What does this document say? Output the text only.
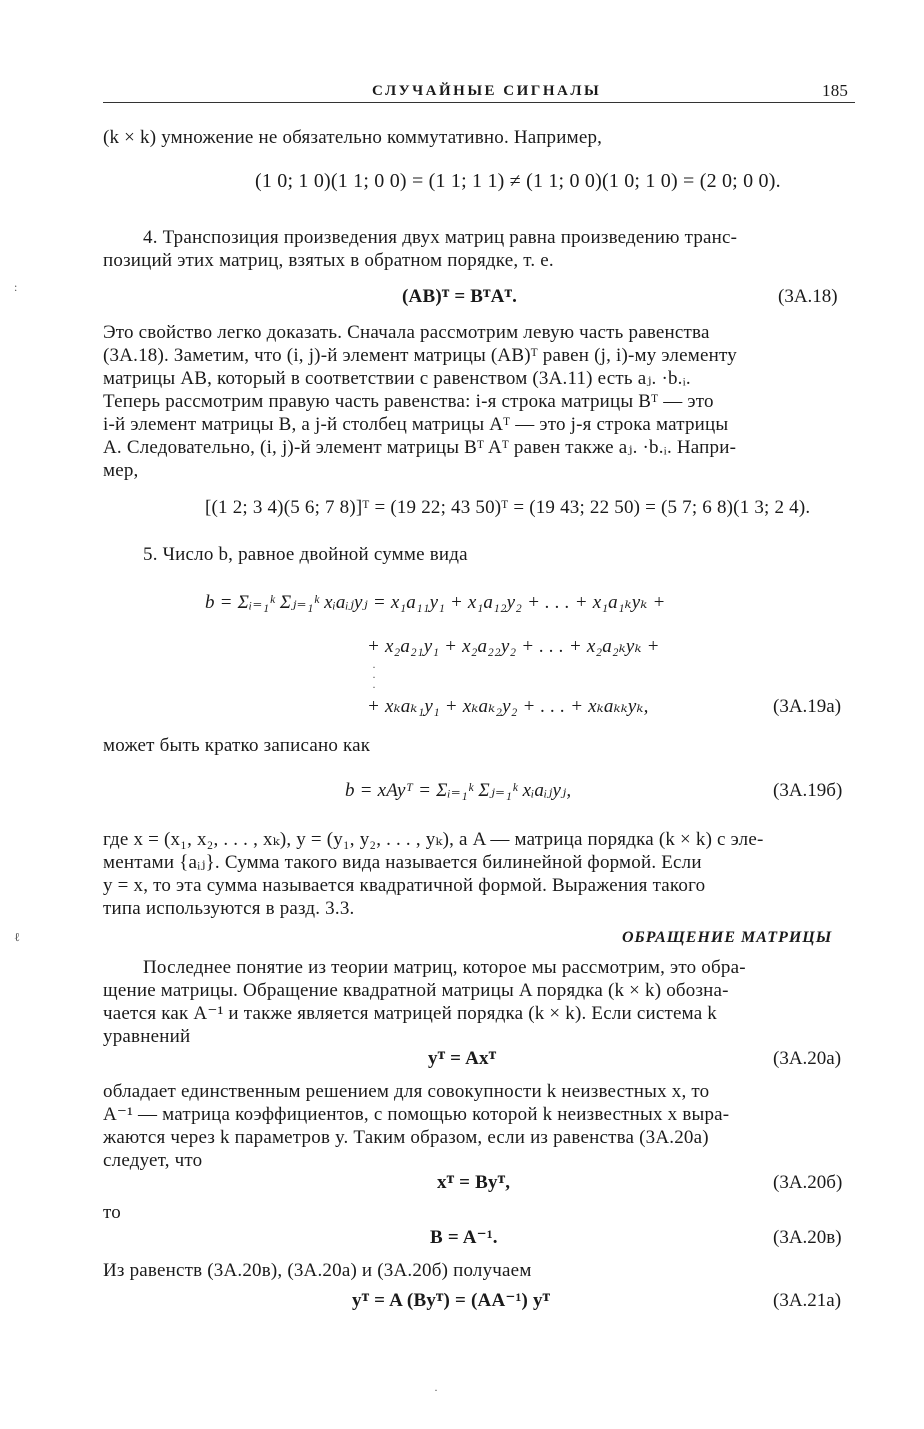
СЛУЧАЙНЫЕ СИГНАЛЫ	185
(k × k) умножение не обязательно коммутативно. Например,
(1 0; 1 0)(1 1; 0 0) = (1 1; 1 1) ≠ (1 1; 0 0)(1 0; 1 0) = (2 0; 0 0).
4. Транспозиция произведения двух матриц равна произведению транс-
позиций этих матриц, взятых в обратном порядке, т. е.
(AB)ᵀ = BᵀAᵀ.	(3А.18)
Это свойство легко доказать. Сначала рассмотрим левую часть равенства
(3А.18). Заметим, что (i, j)-й элемент матрицы (AB)ᵀ равен (j, i)-му элементу
матрицы AB, который в соответствии с равенством (3А.11) есть aⱼ. ·b.ᵢ.
Теперь рассмотрим правую часть равенства: i-я строка матрицы Bᵀ — это
i-й элемент матрицы B, а j-й столбец матрицы Aᵀ — это j-я строка матрицы
A. Следовательно, (i, j)-й элемент матрицы Bᵀ Aᵀ равен также aⱼ. ·b.ᵢ. Напри-
мер,
[(1 2; 3 4)(5 6; 7 8)]ᵀ = (19 22; 43 50)ᵀ = (19 43; 22 50) = (5 7; 6 8)(1 3; 2 4).
5. Число b, равное двойной сумме вида
b = Σᵢ₌₁ᵏ Σⱼ₌₁ᵏ xᵢaᵢⱼyⱼ = x₁a₁₁y₁ + x₁a₁₂y₂ + . . . + x₁a₁ₖyₖ +
+ x₂a₂₁y₁ + x₂a₂₂y₂ + . . . + x₂a₂ₖyₖ +
·
·
·
+ xₖaₖ₁y₁ + xₖaₖ₂y₂ + . . . + xₖaₖₖyₖ,	(3А.19а)
может быть кратко записано как
b = xAyᵀ = Σᵢ₌₁ᵏ Σⱼ₌₁ᵏ xᵢaᵢⱼyⱼ,	(3А.19б)
где x = (x₁, x₂, . . . , xₖ), y = (y₁, y₂, . . . , yₖ), а A — матрица порядка (k × k) с эле-
ментами {aᵢⱼ}. Сумма такого вида называется билинейной формой. Если
y = x, то эта сумма называется квадратичной формой. Выражения такого
типа используются в разд. 3.3.
ОБРАЩЕНИЕ МАТРИЦЫ
Последнее понятие из теории матриц, которое мы рассмотрим, это обра-
щение матрицы. Обращение квадратной матрицы A порядка (k × k) обозна-
чается как A⁻¹ и также является матрицей порядка (k × k). Если система k
уравнений
yᵀ = Axᵀ	(3А.20а)
обладает единственным решением для совокупности k неизвестных x, то
A⁻¹ — матрица коэффициентов, с помощью которой k неизвестных x выра-
жаются через k параметров y. Таким образом, если из равенства (3А.20а)
следует, что
xᵀ = Byᵀ,	(3А.20б)
то
B = A⁻¹.	(3А.20в)
Из равенств (3А.20в), (3А.20а) и (3А.20б) получаем
yᵀ = A (Byᵀ) = (AA⁻¹) yᵀ	(3А.21а)
:
ℓ
·
